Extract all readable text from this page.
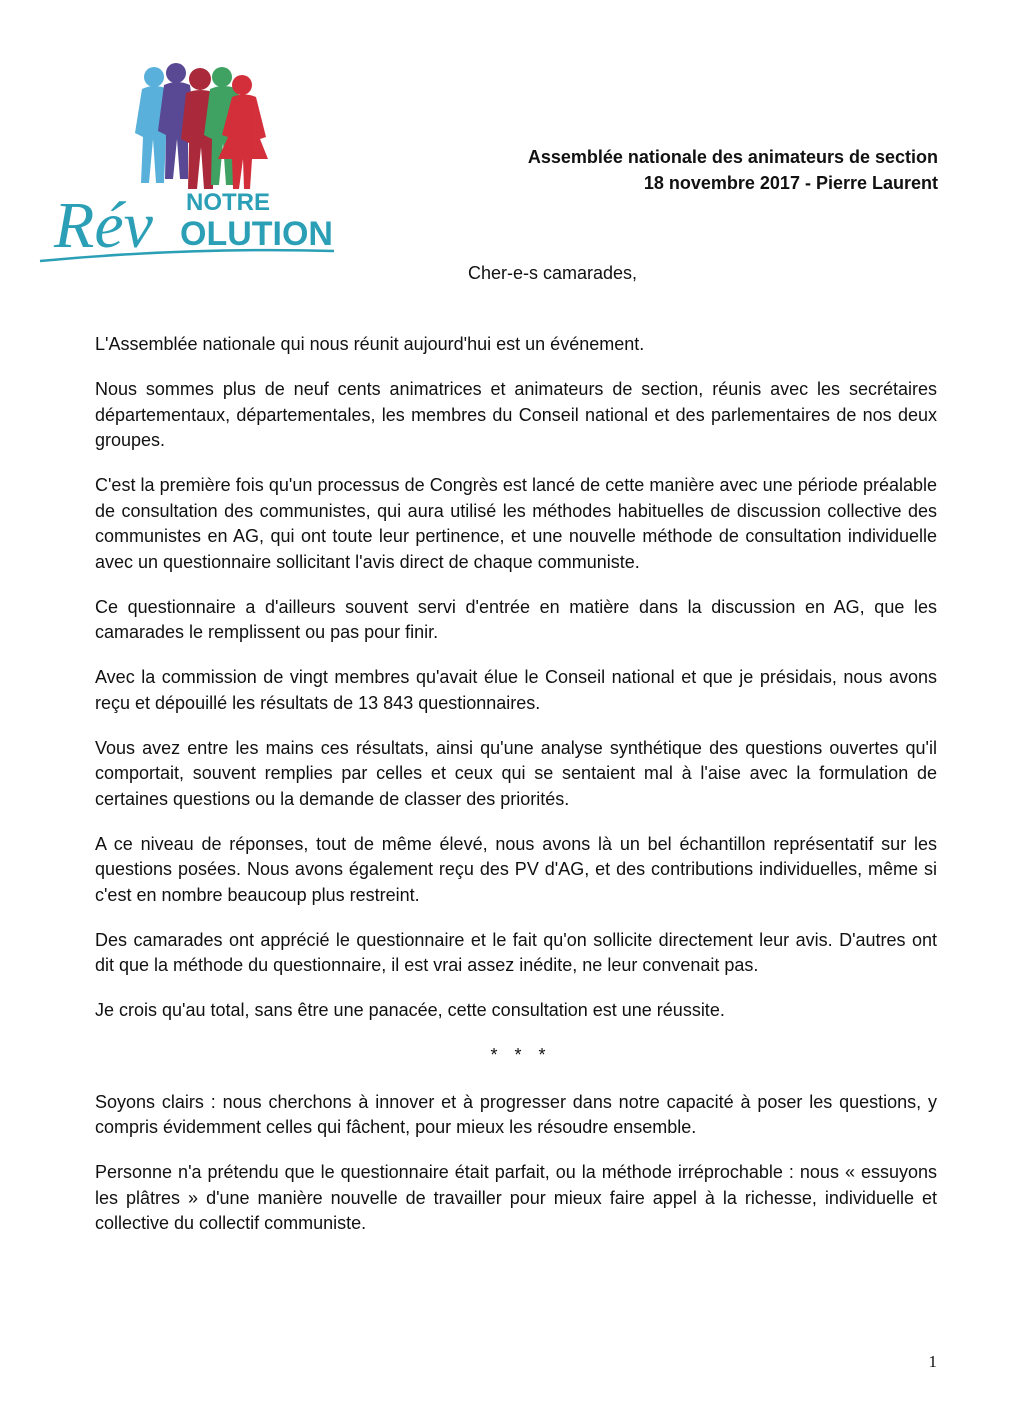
NOTRE
Rév OLUTION
Assemblée nationale des animateurs de section
18 novembre 2017 - Pierre Laurent
Cher-e-s camarades,

L'Assemblée nationale qui nous réunit aujourd'hui est un événement.

Nous sommes plus de neuf cents animatrices et animateurs de section, réunis avec les secrétaires départementaux, départementales, les membres du Conseil national et des parlementaires de nos deux groupes.

C'est la première fois qu'un processus de Congrès est lancé de cette manière avec une période préalable de consultation des communistes, qui aura utilisé les méthodes habituelles de discussion collective des communistes en AG, qui ont toute leur pertinence, et une nouvelle méthode de consultation individuelle avec un questionnaire sollicitant l'avis direct de chaque communiste.

Ce questionnaire a d'ailleurs souvent servi d'entrée en matière dans la discussion en AG, que les camarades le remplissent ou pas pour finir.

Avec la commission de vingt membres qu'avait élue le Conseil national et que je présidais, nous avons reçu et dépouillé les résultats de 13 843 questionnaires.

Vous avez entre les mains ces résultats, ainsi qu'une analyse synthétique des questions ouvertes qu'il comportait, souvent remplies par celles et ceux qui se sentaient mal à l'aise avec la formulation de certaines questions ou la demande de classer des priorités.

A ce niveau de réponses, tout de même élevé, nous avons là un bel échantillon représentatif sur les questions posées. Nous avons également reçu des PV d'AG, et des contributions individuelles, même si c'est en nombre beaucoup plus restreint.

Des camarades ont apprécié le questionnaire et le fait qu'on sollicite directement leur avis. D'autres ont dit que la méthode du questionnaire, il est vrai assez inédite, ne leur convenait pas.

Je crois qu'au total, sans être une panacée, cette consultation est une réussite.

* * *

Soyons clairs : nous cherchons à innover et à progresser dans notre capacité à poser les questions, y compris évidemment celles qui fâchent, pour mieux les résoudre ensemble.

Personne n'a prétendu que le questionnaire était parfait, ou la méthode irréprochable : nous « essuyons les plâtres » d'une manière nouvelle de travailler pour mieux faire appel à la richesse, individuelle et collective du collectif communiste.

1
